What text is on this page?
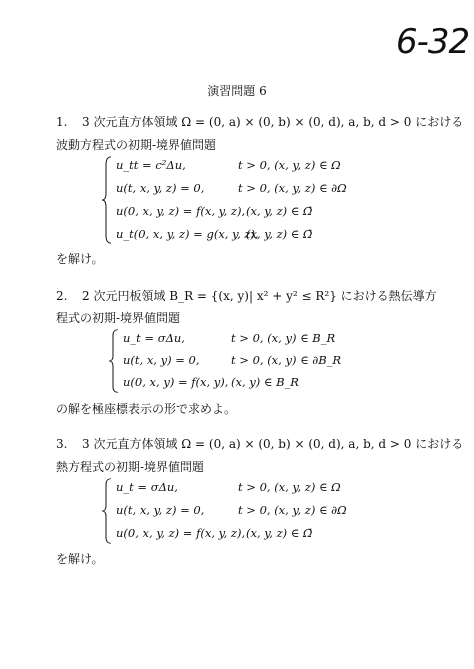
6-32
演習問題 6
1. 3 次元直方体領域 Ω = (0, a) × (0, b) × (0, d), a, b, d > 0 における
波動方程式の初期-境界値問題
u_tt = c²Δu,	t > 0, (x, y, z) ∈ Ω
u(t, x, y, z) = 0,	t > 0, (x, y, z) ∈ ∂Ω
u(0, x, y, z) = f(x, y, z), (x, y, z) ∈ Ω̄
u_t(0, x, y, z) = g(x, y, z),
(x, y, z) ∈ Ω̄
を解け。
2. 2 次元円板領域 B_R = {(x, y)| x² + y² ≤ R²} における熱伝導方
程式の初期-境界値問題
u_t = σΔu,	t > 0, (x, y) ∈ B_R
u(t, x, y) = 0,	t > 0, (x, y) ∈ ∂B_R
u(0, x, y) = f(x, y), (x, y) ∈ B_R
の解を極座標表示の形で求めよ。
3. 3 次元直方体領域 Ω = (0, a) × (0, b) × (0, d), a, b, d > 0 における
熱方程式の初期-境界値問題
u_t = σΔu,	t > 0, (x, y, z) ∈ Ω
u(t, x, y, z) = 0,	t > 0, (x, y, z) ∈ ∂Ω
u(0, x, y, z) = f(x, y, z), (x, y, z) ∈ Ω̄
を解け。
